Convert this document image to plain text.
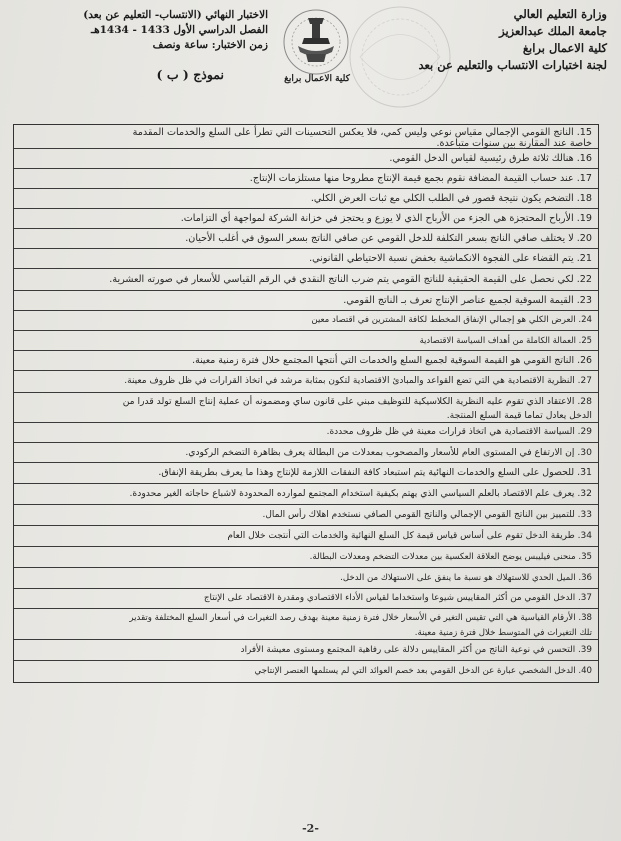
وزارة التعليم العالي
جامعة الملك عبدالعزيز
كلية الاعمال برابغ
لجنة اختبارات الانتساب والتعليم عن بعد
كلية الاعمال برابغ
الاختبار النهائي (الانتساب- التعليم عن بعد)
الفصل الدراسي الأول 1433 - 1434هـ
زمن الاختبار: ساعة ونصف
نموذج ( ب )
15. الناتج القومي الإجمالي مقياس نوعي وليس كمي، فلا يعكس التحسينات التي تطرأ على السلع والخدمات المقدمة
خاصة عند المقارنة بين سنوات متباعدة.
16. هنالك ثلاثة طرق رئيسية لقياس الدخل القومي.
17. عند حساب القيمة المضافة نقوم بجمع قيمة الإنتاج مطروحا منها مستلزمات الإنتاج.
18. التضخم يكون نتيجة قصور في الطلب الكلي مع ثبات العرض الكلي.
19. الأرباح المحتجزة هي الجزء من الأرباح الذي لا يوزع و يحتجز في خزانة الشركة لمواجهة أي التزامات.
20. لا يختلف صافي الناتج بسعر التكلفة للدخل القومي عن صافي الناتج بسعر السوق في أغلب الأحيان.
21. يتم القضاء على الفجوة الانكماشية بخفض نسبة الاحتياطي القانوني.
22. لكي نحصل على القيمة الحقيقية للناتج القومي يتم ضرب الناتج النقدي في الرقم القياسي للأسعار في صورته العشرية.
23. القيمة السوقية لجميع عناصر الإنتاج تعرف بـ الناتج القومي.
24. العرض الكلي هو إجمالي الإنفاق المخطط لكافة المشترين في اقتصاد معين
25. العمالة الكاملة من أهداف السياسة الاقتصادية
26. الناتج القومي هو القيمة السوقية لجميع السلع والخدمات التي أنتجها المجتمع خلال فترة زمنية معينة.
27. النظرية الاقتصادية هي التي تضع القواعد والمبادئ الاقتصادية لتكون بمثابة مرشد في اتخاذ القرارات في ظل ظروف معينة.
28. الاعتقاد الذي تقوم عليه النظرية الكلاسيكية للتوظيف مبني على قانون ساي ومضمونه أن عملية إنتاج السلع تولد قدرا من
الدخل يعادل تماما قيمة السلع المنتجة.
29. السياسة الاقتصادية هي اتخاذ قرارات معينة في ظل ظروف محددة.
30. إن الارتفاع في المستوى العام للأسعار والمصحوب بمعدلات من البطالة يعرف بظاهرة التضخم الركودي.
31. للحصول على السلع والخدمات النهائية يتم استبعاد كافة النفقات اللازمة للإنتاج وهذا ما يعرف بطريقة الإنفاق.
32. يعرف علم الاقتصاد بالعلم السياسي الذي يهتم بكيفية استخدام المجتمع لموارده المحدودة لاشباع حاجاته الغير محدودة.
33. للتمييز بين الناتج القومي الإجمالي والناتج القومي الصافي نستخدم اهلاك رأس المال.
34. طريقة الدخل تقوم على أساس قياس قيمة كل السلع النهائية والخدمات التي أنتجت خلال العام
35. منحنى فيليبس يوضح العلاقة العكسية بين معدلات التضخم ومعدلات البطالة.
36. الميل الحدي للاستهلاك هو نسبة ما ينفق على الاستهلاك من الدخل.
37. الدخل القومي من أكثر المقاييس شيوعا واستخداما لقياس الأداء الاقتصادي ومقدرة الاقتصاد على الإنتاج
38. الأرقام القياسية هي التي تقيس التغير في الأسعار خلال فترة زمنية معينة بهدف رصد التغيرات في أسعار السلع المختلفة وتقدير
تلك التغيرات في المتوسط خلال فترة زمنية معينة.
39. التحسن في نوعية الناتج من أكثر المقاييس دلالة على رفاهية المجتمع ومستوى معيشة الأفراد
40. الدخل الشخصي عبارة عن الدخل القومي بعد خصم العوائد التي لم يستلمها العنصر الإنتاجي
-2-
